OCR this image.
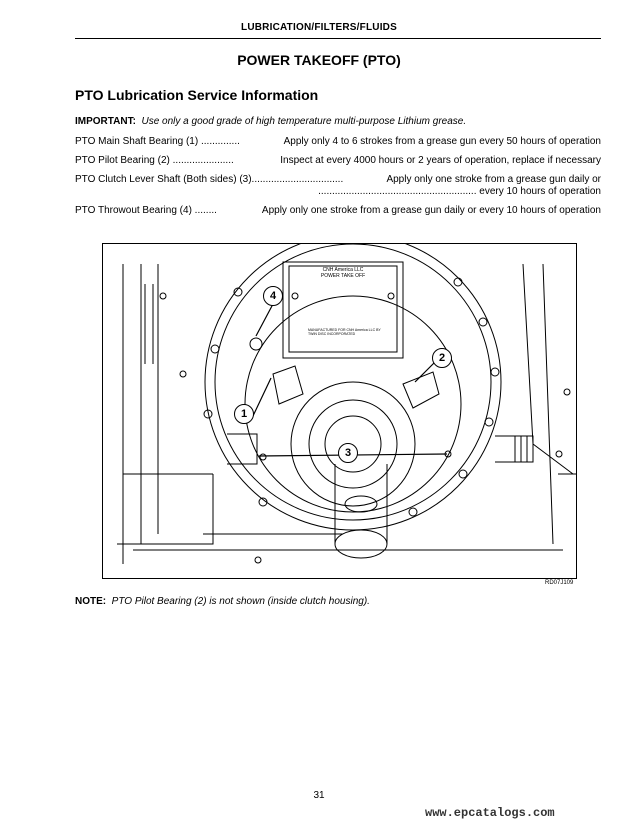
LUBRICATION/FILTERS/FLUIDS
POWER TAKEOFF (PTO)
PTO Lubrication Service Information
IMPORTANT: Use only a good grade of high temperature multi-purpose Lithium grease.
PTO Main Shaft Bearing (1) ..............	Apply only 4 to 6 strokes from a grease gun every 50 hours of operation
PTO Pilot Bearing (2) ......................	Inspect at every 4000 hours or 2 years of operation, replace if necessary
PTO Clutch Lever Shaft (Both sides) (3).................................	Apply only one stroke from a grease gun daily or
......................................................... every 10 hours of operation
PTO Throwout Bearing (4) ........	Apply only one stroke from a grease gun daily or every 10 hours of operation
CNH America LLC
POWER TAKE OFF
MANUFACTURED FOR CNH America LLC BY
TWIN DISC INCORPORATED
4
1
2
3
RD07J109
NOTE: PTO Pilot Bearing (2) is not shown (inside clutch housing).
31
www.epcatalogs.com
